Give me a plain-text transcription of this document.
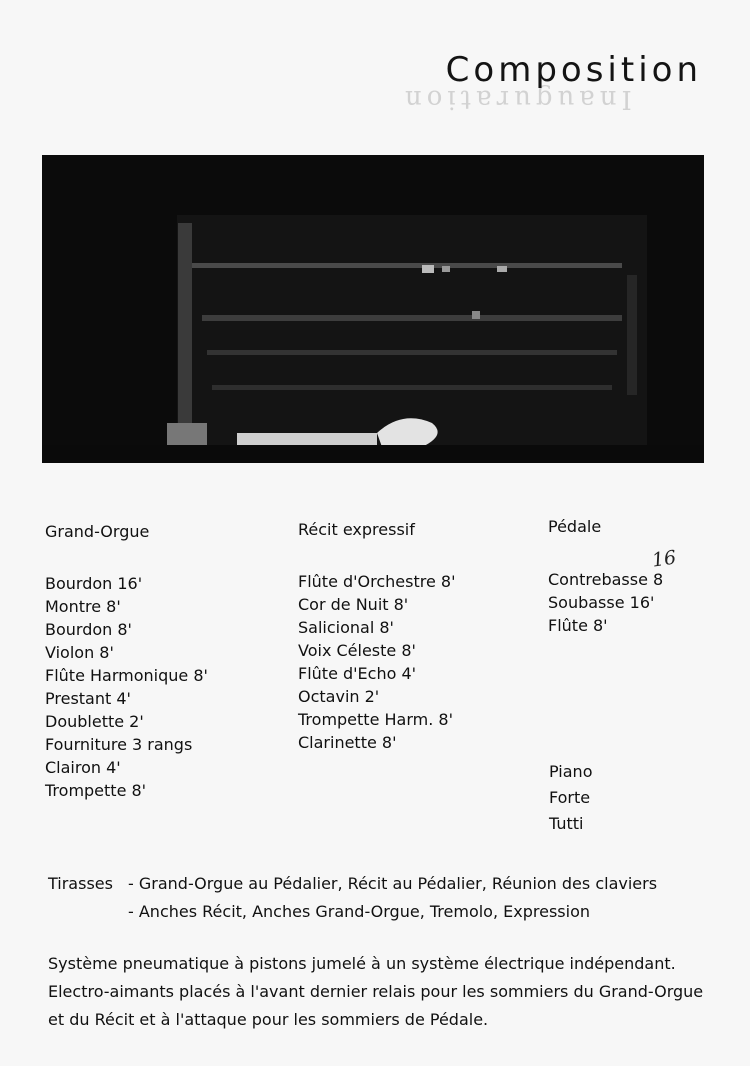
Inauguration
Composition
Grand-Orgue
Bourdon 16'
Montre 8'
Bourdon 8'
Violon 8'
Flûte Harmonique 8'
Prestant 4'
Doublette 2'
Fourniture 3 rangs
Clairon 4'
Trompette 8'
Récit expressif
Flûte d'Orchestre 8'
Cor de Nuit 8'
Salicional 8'
Voix Céleste 8'
Flûte d'Echo 4'
Octavin 2'
Trompette Harm. 8'
Clarinette 8'
Pédale
Contrebasse 8
Soubasse 16'
Flûte 8'
16
Piano
Forte
Tutti
Tirasses - Grand-Orgue au Pédalier, Récit au Pédalier, Réunion des claviers
- Anches Récit, Anches Grand-Orgue, Tremolo, Expression

Système pneumatique à pistons jumelé à un système électrique indépendant. Electro-aimants placés à l'avant dernier relais pour les sommiers du Grand-Orgue et du Récit et à l'attaque pour les sommiers de Pédale.
